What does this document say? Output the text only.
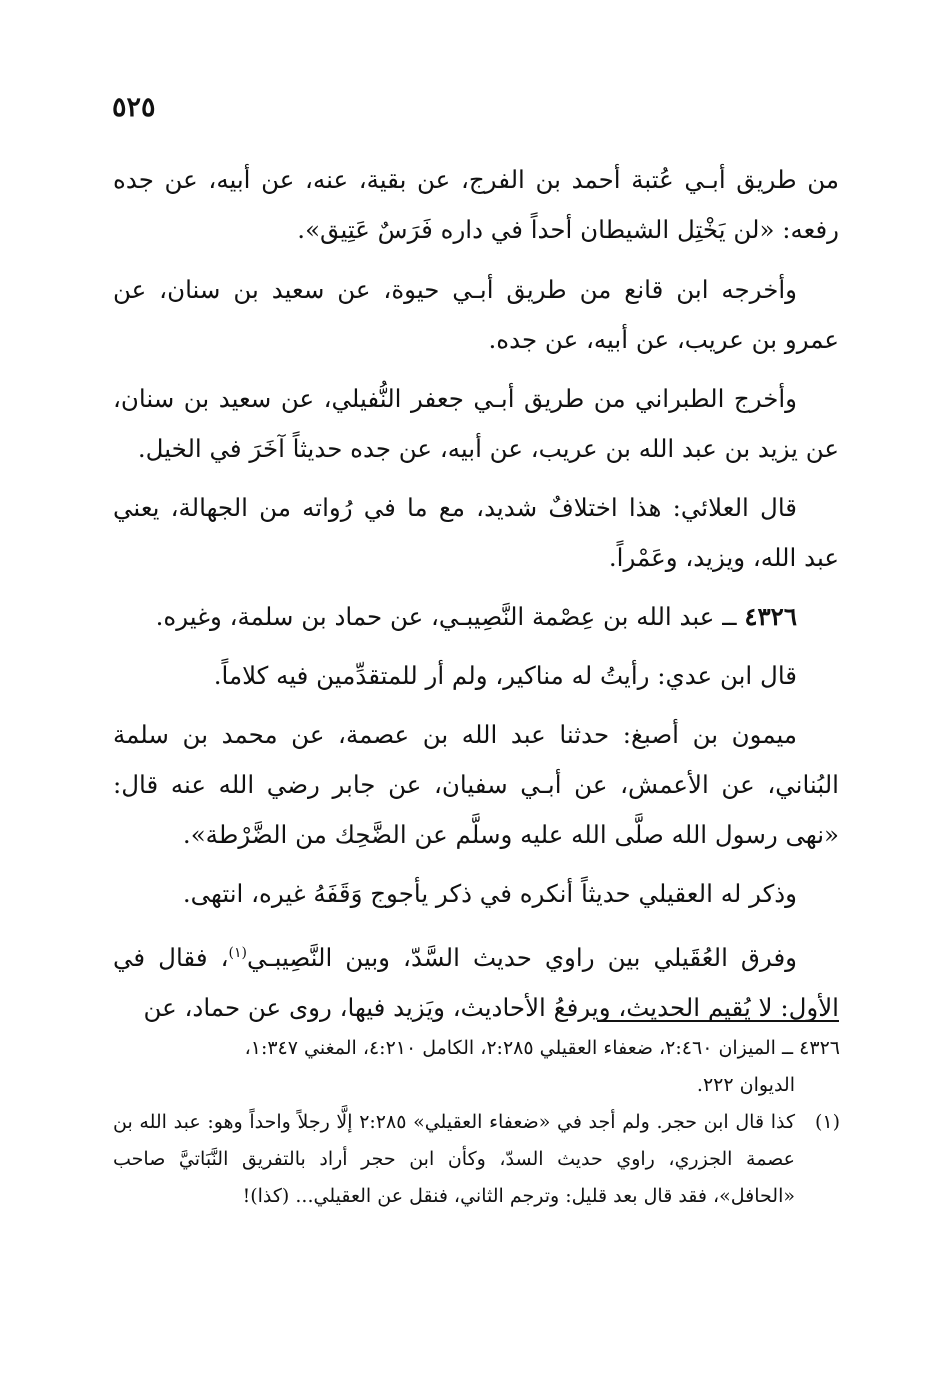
٥٢٥

من طريق أبـي عُتبة أحمد بن الفرج، عن بقية، عنه، عن أبيه، عن جده رفعه: «لن يَخْتِل الشيطان أحداً في داره فَرَسٌ عَتِيق».

وأخرجه ابن قانع من طريق أبـي حيوة، عن سعيد بن سنان، عن عمرو بن عريب، عن أبيه، عن جده.

وأخرج الطبراني من طريق أبـي جعفر النُّفيلي، عن سعيد بن سنان، عن يزيد بن عبد الله بن عريب، عن أبيه، عن جده حديثاً آخَرَ في الخيل.

قال العلائي: هذا اختلافٌ شديد، مع ما في رُواته من الجهالة، يعني عبد الله، ويزيد، وعَمْراً.

٤٣٢٦ ــ عبد الله بن عِصْمة النَّصِيبـي، عن حماد بن سلمة، وغيره.

قال ابن عدي: رأيتُ له مناكير، ولم أر للمتقدِّمين فيه كلاماً.

ميمون بن أصبغ: حدثنا عبد الله بن عصمة، عن محمد بن سلمة البُناني، عن الأعمش، عن أبـي سفيان، عن جابر رضي الله عنه قال: «نهى رسول الله صلَّى الله عليه وسلَّم عن الضَّحِك من الضَّرْطة».

وذكر له العقيلي حديثاً أنكره في ذكر يأجوج وَقَفَهُ غيره، انتهى.

وفرق العُقَيلي بين راوي حديث السَّدّ، وبين النَّصِيبـي$^{(١)}$، فقال في الأول: لا يُقيم الحديث، ويرفعُ الأحاديث، ويَزيد فيها، روى عن حماد، عن

٤٣٢٦ ــ الميزان ٢:٤٦٠، ضعفاء العقيلي ٢:٢٨٥، الكامل ٤:٢١٠، المغني ١:٣٤٧،

الديوان ٢٢٢.

(١)
كذا قال ابن حجر. ولم أجد في «ضعفاء العقيلي» ٢:٢٨٥ إلَّا رجلاً واحداً وهو: عبد الله بن عصمة الجزري، راوي حديث السدّ، وكأن ابن حجر أراد بالتفريق النَّبَاتيَّ صاحب «الحافل»، فقد قال بعد قليل: وترجم الثاني، فنقل عن العقيلي... (كذا)!
